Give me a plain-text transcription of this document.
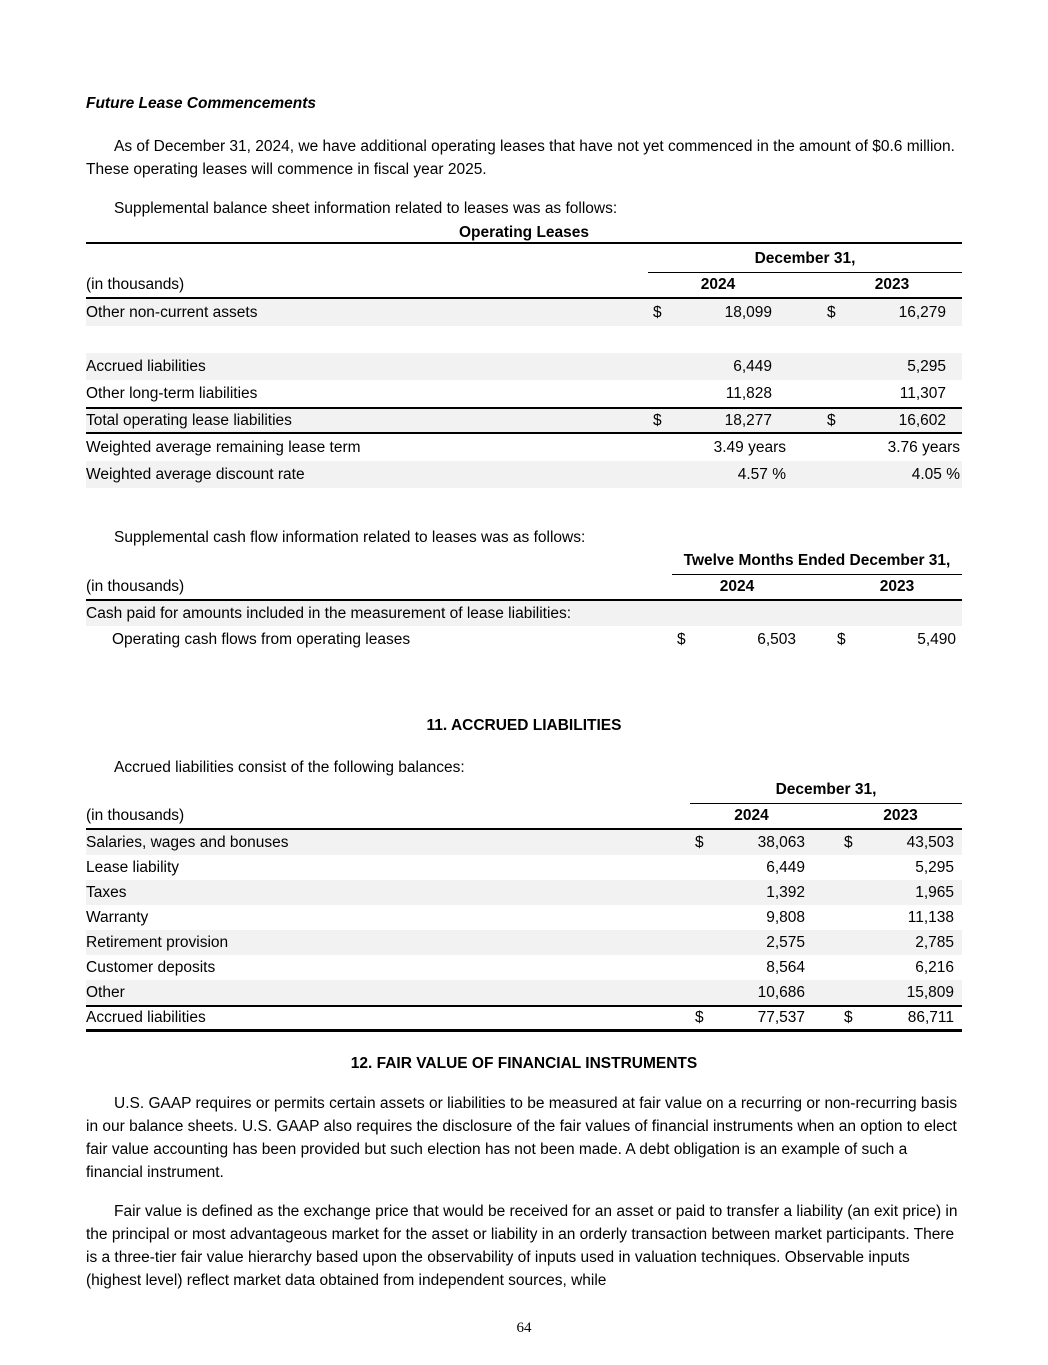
Future Lease Commencements

As of December 31, 2024, we have additional operating leases that have not yet commenced in the amount of $0.6 million. These operating leases will commence in fiscal year 2025.

Supplemental balance sheet information related to leases was as follows:

Operating Leases
December 31,
(in thousands)	2024	2023
Other non-current assets	$	18,099	$	16,279
Accrued liabilities	6,449	5,295
Other long-term liabilities	11,828	11,307
Total operating lease liabilities	$	18,277	$	16,602
Weighted average remaining lease term	3.49 years	3.76 years
Weighted average discount rate	4.57 %	4.05 %

Supplemental cash flow information related to leases was as follows:

Twelve Months Ended December 31,
(in thousands)	2024	2023
Cash paid for amounts included in the measurement of lease liabilities:
Operating cash flows from operating leases	$	6,503	$	5,490
11. ACCRUED LIABILITIES

Accrued liabilities consist of the following balances:

December 31,
(in thousands)	2024	2023
Salaries, wages and bonuses	$	38,063	$	43,503
Lease liability	6,449	5,295
Taxes	1,392	1,965
Warranty	9,808	11,138
Retirement provision	2,575	2,785
Customer deposits	8,564	6,216
Other	10,686	15,809
Accrued liabilities	$	77,537	$	86,711
12. FAIR VALUE OF FINANCIAL INSTRUMENTS

U.S. GAAP requires or permits certain assets or liabilities to be measured at fair value on a recurring or non-recurring basis in our balance sheets. U.S. GAAP also requires the disclosure of the fair values of financial instruments when an option to elect fair value accounting has been provided but such election has not been made. A debt obligation is an example of such a financial instrument.

Fair value is defined as the exchange price that would be received for an asset or paid to transfer a liability (an exit price) in the principal or most advantageous market for the asset or liability in an orderly transaction between market participants. There is a three-tier fair value hierarchy based upon the observability of inputs used in valuation techniques. Observable inputs (highest level) reflect market data obtained from independent sources, while

64
